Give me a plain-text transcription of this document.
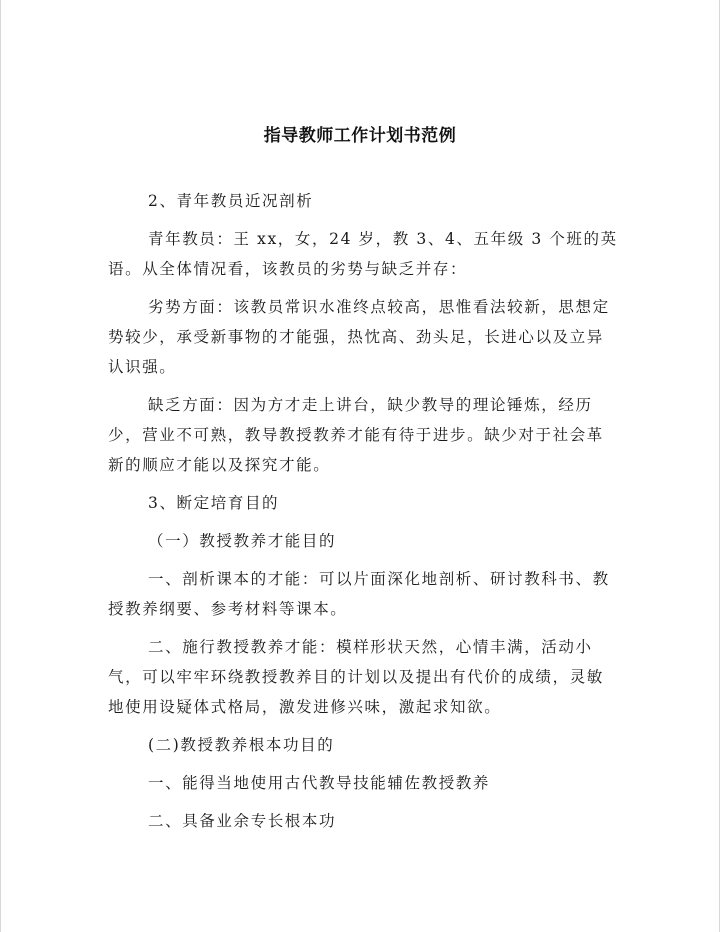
指导教师工作计划书范例

2、青年教员近况剖析

青年教员：王 xx，女，24 岁，教 3、4、五年级 3 个班的英语。从全体情况看，该教员的劣势与缺乏并存：

劣势方面：该教员常识水准终点较高，思惟看法较新，思想定势较少，承受新事物的才能强，热忱高、劲头足，长进心以及立异认识强。

缺乏方面：因为方才走上讲台，缺少教导的理论锤炼，经历少，营业不可熟，教导教授教养才能有待于进步。缺少对于社会革新的顺应才能以及探究才能。

3、断定培育目的

（一）教授教养才能目的

一、剖析课本的才能：可以片面深化地剖析、研讨教科书、教授教养纲要、参考材料等课本。

二、施行教授教养才能：模样形状天然，心情丰满，活动小气，可以牢牢环绕教授教养目的计划以及提出有代价的成绩，灵敏地使用设疑体式格局，激发进修兴味，激起求知欲。

(二)教授教养根本功目的

一、能得当地使用古代教导技能辅佐教授教养

二、具备业余专长根本功
